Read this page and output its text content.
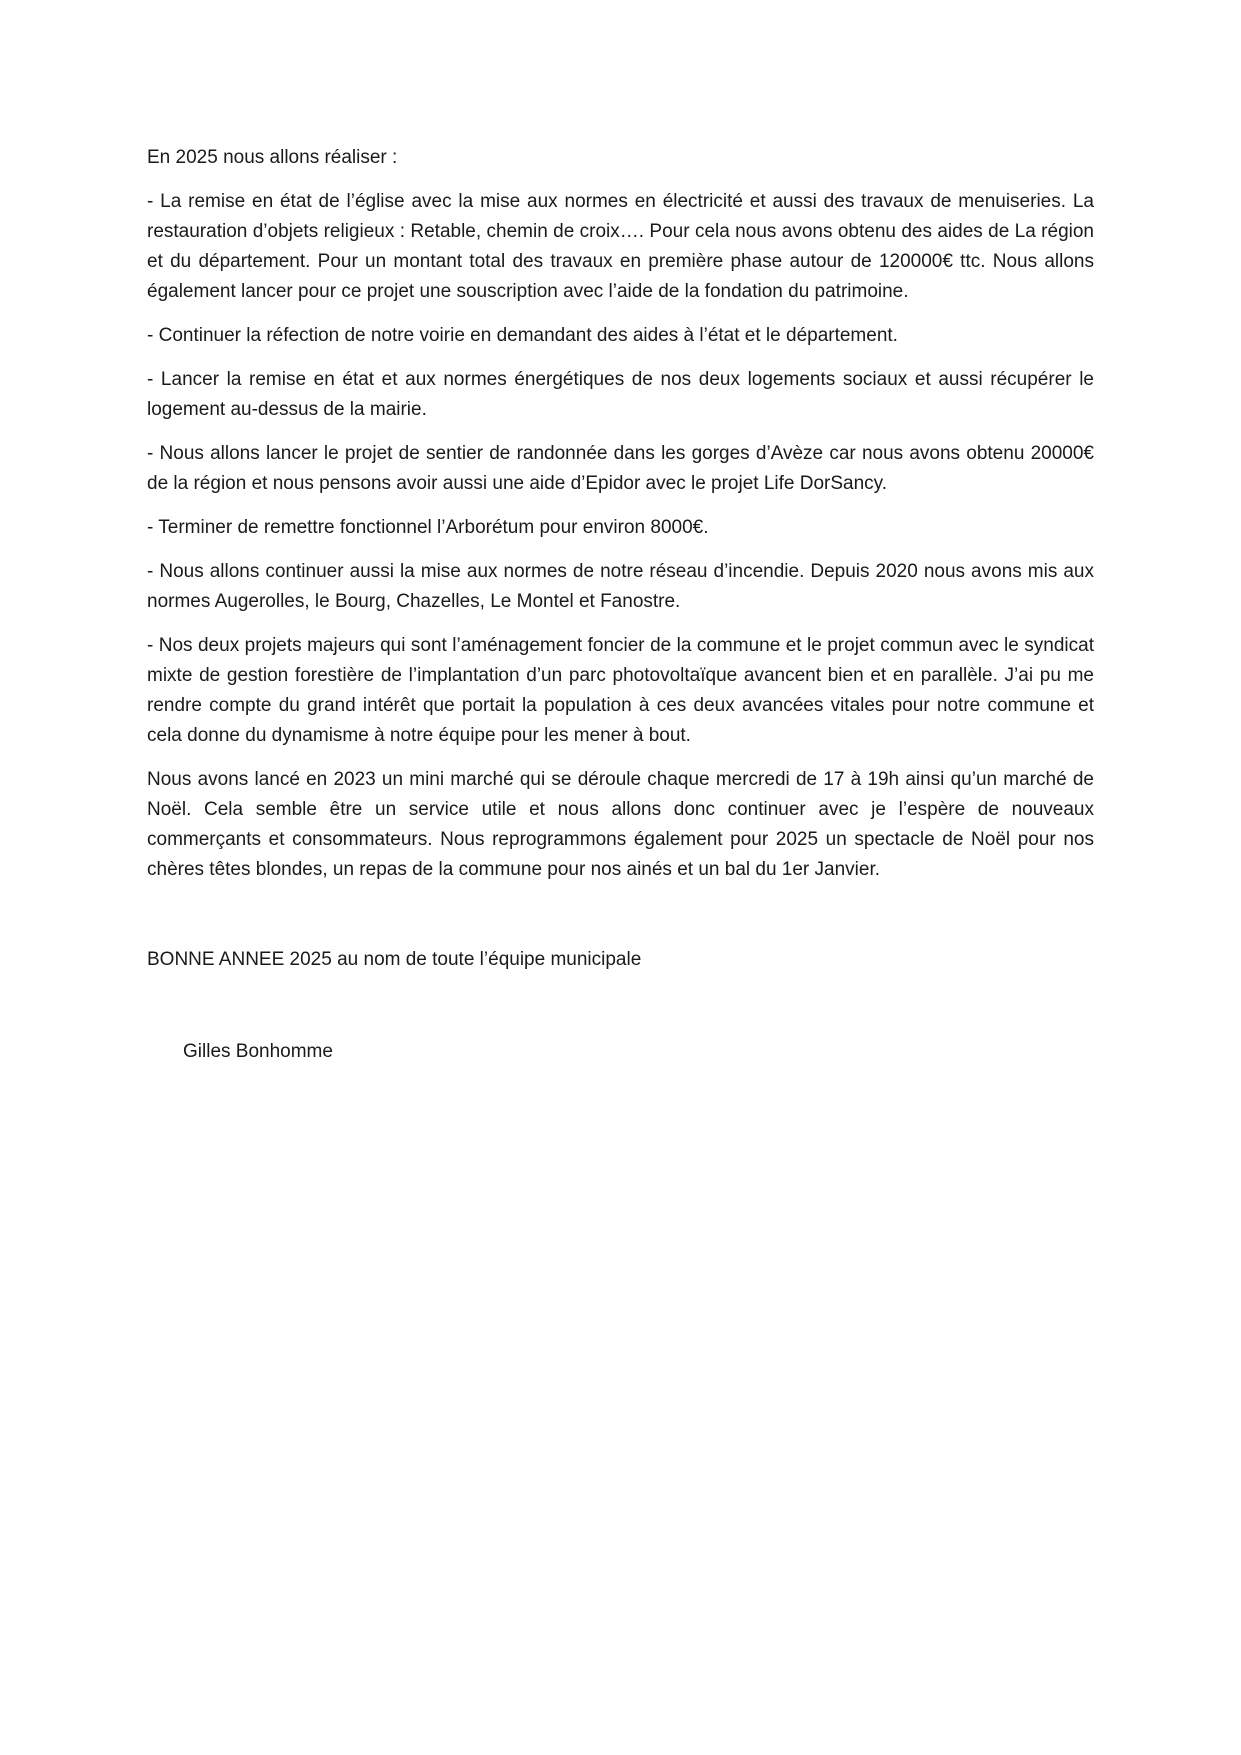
En 2025 nous allons réaliser :

- La remise en état de l’église avec la mise aux normes en électricité et aussi des travaux de menuiseries. La restauration d’objets religieux : Retable, chemin de croix…. Pour cela nous avons obtenu des aides de La région et du département. Pour un montant total des travaux en première phase autour de 120000€ ttc. Nous allons également lancer pour ce projet une souscription avec l’aide de la fondation du patrimoine.

- Continuer la réfection de notre voirie en demandant des aides à l’état et le département.

- Lancer la remise en état et aux normes énergétiques de nos deux logements sociaux et aussi récupérer le logement au-dessus de la mairie.

- Nous allons lancer le projet de sentier de randonnée dans les gorges d’Avèze car nous avons obtenu 20000€ de la région et nous pensons avoir aussi une aide d’Epidor avec le projet Life DorSancy.

- Terminer de remettre fonctionnel l’Arborétum pour environ 8000€.

- Nous allons continuer aussi la mise aux normes de notre réseau d’incendie. Depuis 2020 nous avons mis aux normes Augerolles, le Bourg, Chazelles, Le Montel et Fanostre.

- Nos deux projets majeurs qui sont l’aménagement foncier de la commune et le projet commun avec le syndicat mixte de gestion forestière de l’implantation d’un parc photovoltaïque avancent bien et en parallèle. J’ai pu me rendre compte du grand intérêt que portait la population à ces deux avancées vitales pour notre commune et cela donne du dynamisme à notre équipe pour les mener à bout.

Nous avons lancé en 2023 un mini marché qui se déroule chaque mercredi de 17 à 19h ainsi qu’un marché de Noël. Cela semble être un service utile et nous allons donc continuer avec je l’espère de nouveaux commerçants et consommateurs. Nous reprogrammons également pour 2025 un spectacle de Noël pour nos chères têtes blondes, un repas de la commune pour nos ainés et un bal du 1er Janvier.

BONNE ANNEE 2025 au nom de toute l’équipe municipale

Gilles Bonhomme
